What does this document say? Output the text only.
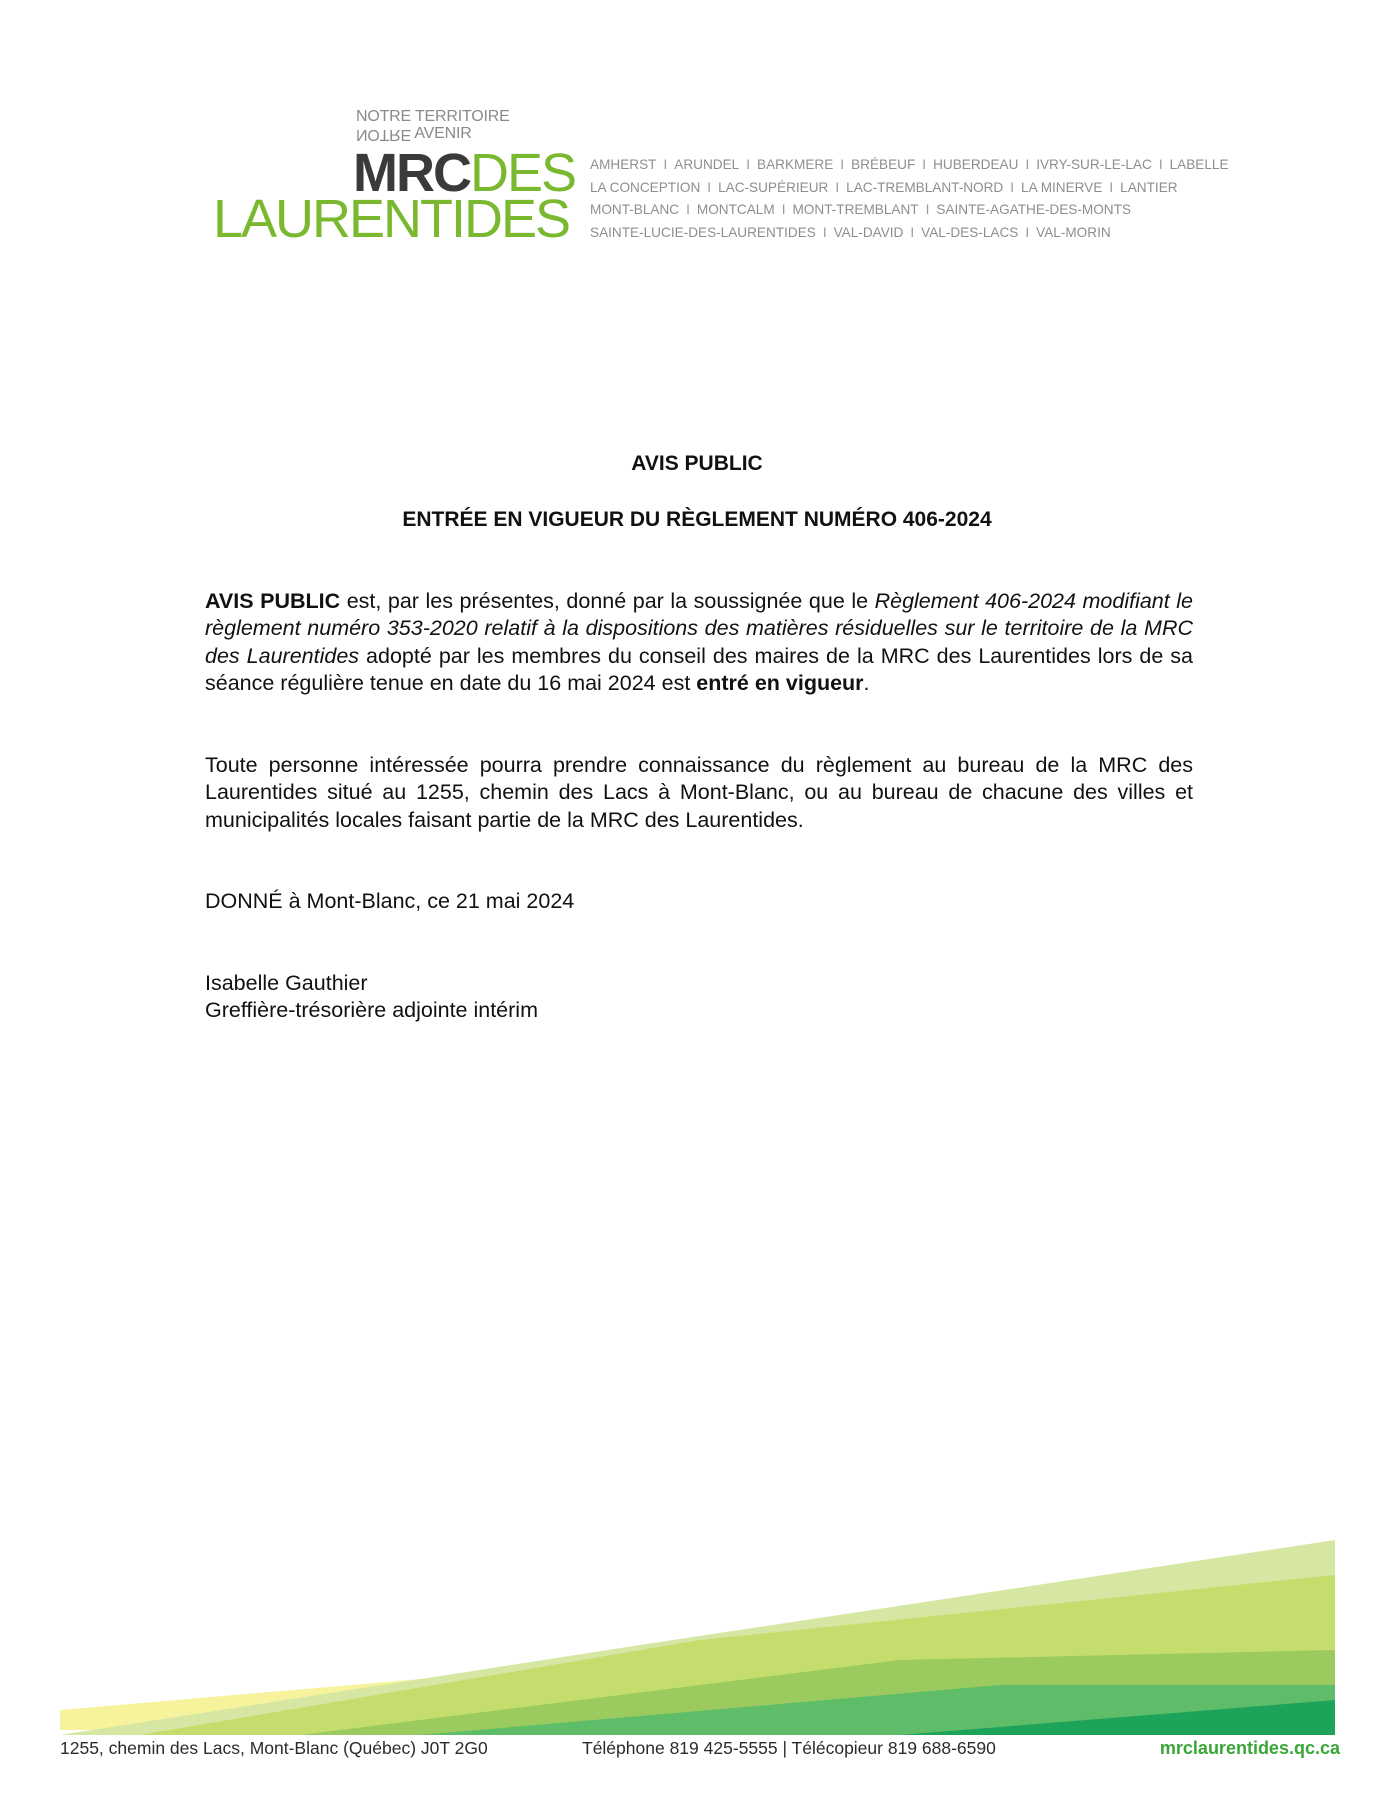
NOTRE TERRITOIRE
NOTRE AVENIR
MRCDES
LAURENTIDES
AMHERST I ARUNDEL I BARKMERE I BRÉBEUF I HUBERDEAU I IVRY-SUR-LE-LAC I LABELLE
LA CONCEPTION I LAC-SUPÉRIEUR I LAC-TREMBLANT-NORD I LA MINERVE I LANTIER
MONT-BLANC I MONTCALM I MONT-TREMBLANT I SAINTE-AGATHE-DES-MONTS
SAINTE-LUCIE-DES-LAURENTIDES I VAL-DAVID I VAL-DES-LACS I VAL-MORIN
AVIS PUBLIC
ENTRÉE EN VIGUEUR DU RÈGLEMENT NUMÉRO 406-2024
AVIS PUBLIC est, par les présentes, donné par la soussignée que le Règlement 406-2024 modifiant le règlement numéro 353-2020 relatif à la dispositions des matières résiduelles sur le territoire de la MRC des Laurentides adopté par les membres du conseil des maires de la MRC des Laurentides lors de sa séance régulière tenue en date du 16 mai 2024 est entré en vigueur.
Toute personne intéressée pourra prendre connaissance du règlement au bureau de la MRC des Laurentides situé au 1255, chemin des Lacs à Mont-Blanc, ou au bureau de chacune des villes et municipalités locales faisant partie de la MRC des Laurentides.
DONNÉ à Mont-Blanc, ce 21 mai 2024
Isabelle Gauthier
Greffière-trésorière adjointe intérim
1255, chemin des Lacs, Mont-Blanc (Québec) J0T 2G0	Téléphone 819 425-5555 | Télécopieur 819 688-6590	mrclaurentides.qc.ca
